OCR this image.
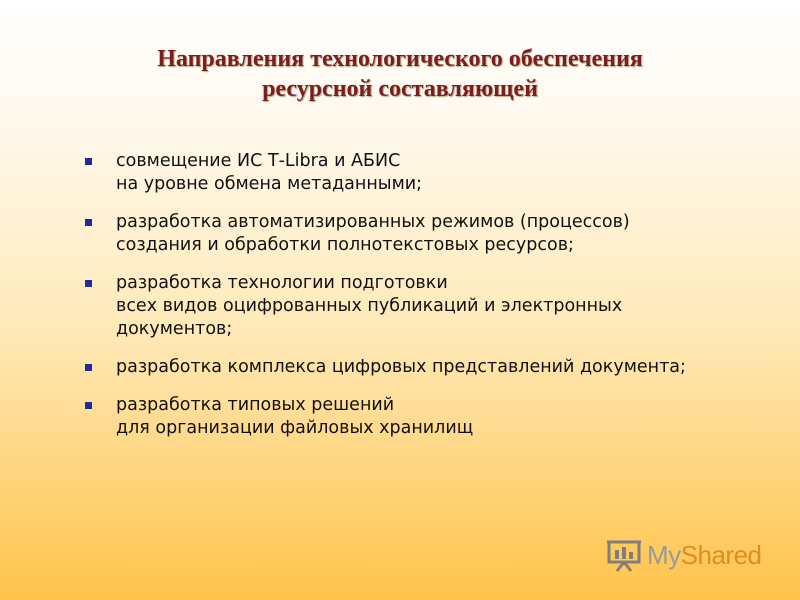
Направления технологического обеспечения
ресурсной составляющей
совмещение ИС Т-Libra и АБИС
на уровне обмена метаданными;
разработка автоматизированных режимов (процессов)
создания и обработки полнотекстовых ресурсов;
разработка технологии подготовки
всех видов оцифрованных публикаций и электронных
документов;
разработка комплекса цифровых представлений документа;
разработка типовых решений
для организации файловых хранилищ
MyShared
